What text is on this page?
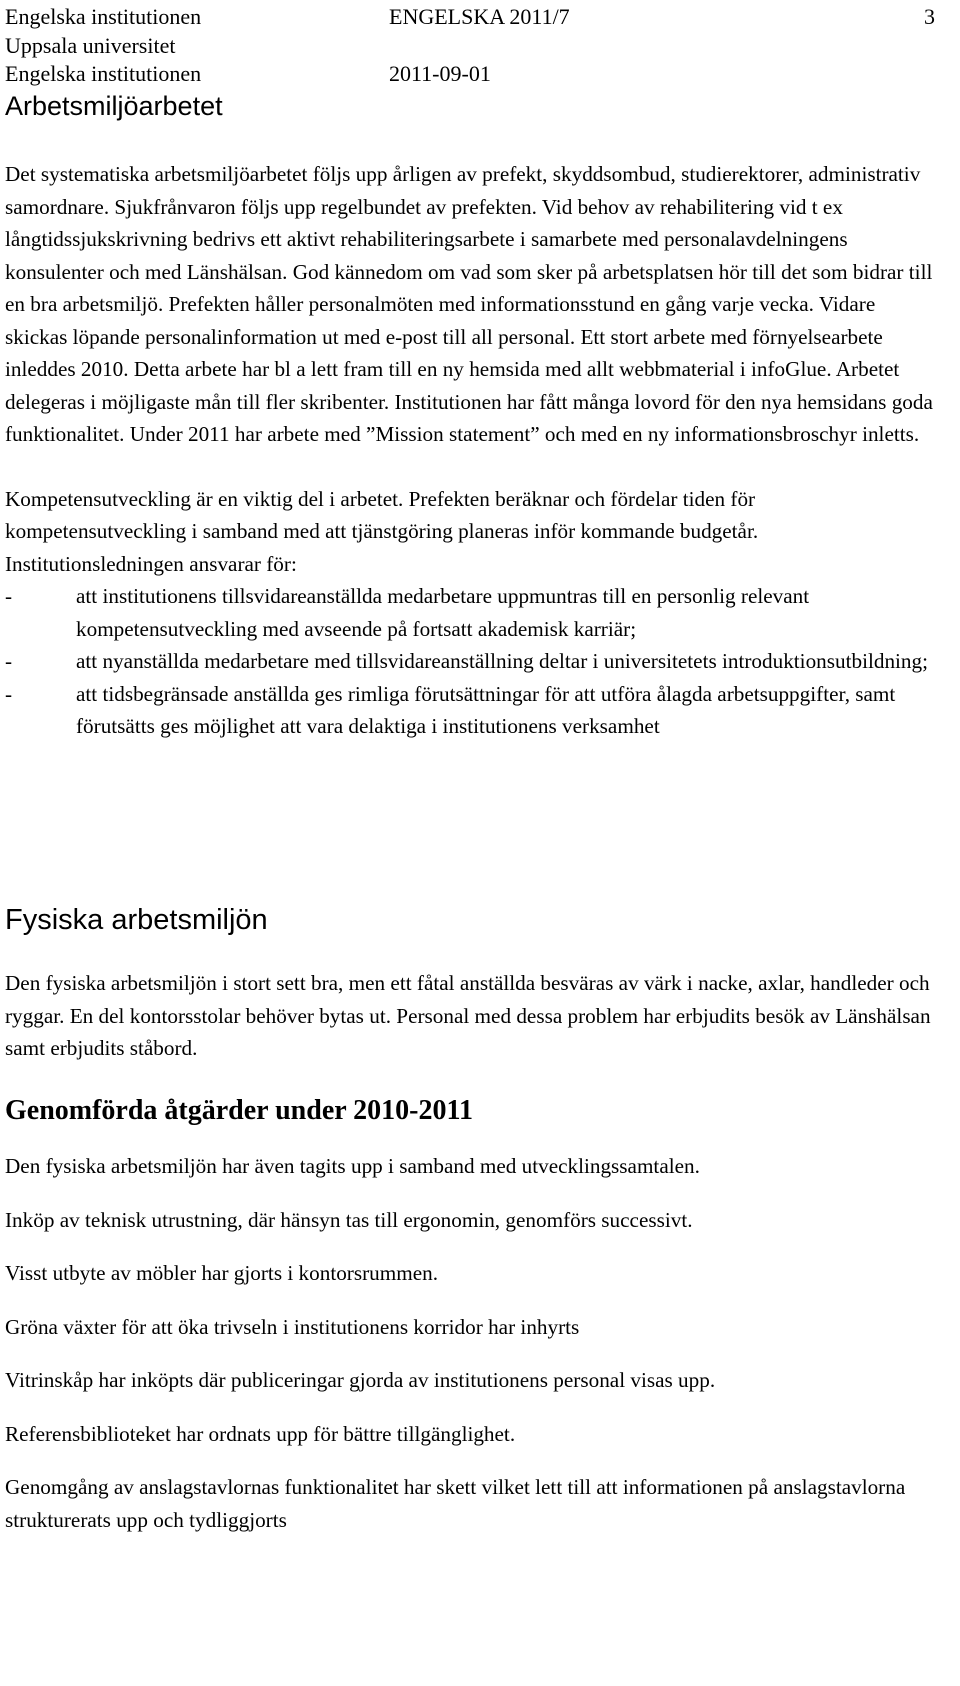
Engelska institutionen	ENGELSKA 2011/7	3
Uppsala universitet
Engelska institutionen	2011-09-01
Arbetsmiljöarbetet

Det systematiska arbetsmiljöarbetet följs upp årligen av prefekt, skyddsombud, studierektorer, administrativ samordnare. Sjukfrånvaron följs upp regelbundet av prefekten. Vid behov av rehabilitering vid t ex långtidssjukskrivning bedrivs ett aktivt rehabiliteringsarbete i samarbete med personalavdelningens konsulenter och med Länshälsan. God kännedom om vad som sker på arbetsplatsen hör till det som bidrar till en bra arbetsmiljö. Prefekten håller personalmöten med informationsstund en gång varje vecka. Vidare skickas löpande personalinformation ut med e-post till all personal. Ett stort arbete med förnyelsearbete inleddes 2010. Detta arbete har bl a lett fram till en ny hemsida med allt webbmaterial i infoGlue. Arbetet delegeras i möjligaste mån till fler skribenter. Institutionen har fått många lovord för den nya hemsidans goda funktionalitet. Under 2011 har arbete med ”Mission statement” och med en ny informationsbroschyr inletts.

Kompetensutveckling är en viktig del i arbetet. Prefekten beräknar och fördelar tiden för kompetensutveckling i samband med att tjänstgöring planeras inför kommande budgetår.

Institutionsledningen ansvarar för:

-	att institutionens tillsvidareanställda medarbetare uppmuntras till en personlig relevant kompetensutveckling med avseende på fortsatt akademisk karriär;
-	att nyanställda medarbetare med tillsvidareanställning deltar i universitetets introduktionsutbildning;
-	att tidsbegränsade anställda ges rimliga förutsättningar för att utföra ålagda arbetsuppgifter, samt förutsätts ges möjlighet att vara delaktiga i institutionens verksamhet
Fysiska arbetsmiljön

Den fysiska arbetsmiljön i stort sett bra, men ett fåtal anställda besväras av värk i nacke, axlar, handleder och ryggar. En del kontorsstolar behöver bytas ut. Personal med dessa problem har erbjudits besök av Länshälsan samt erbjudits ståbord.

Genomförda åtgärder under 2010-2011

Den fysiska arbetsmiljön har även tagits upp i samband med utvecklingssamtalen.

Inköp av teknisk utrustning, där hänsyn tas till ergonomin, genomförs successivt.

Visst utbyte av möbler har gjorts i kontorsrummen.

Gröna växter för att öka trivseln i institutionens korridor har inhyrts

Vitrinskåp har inköpts där publiceringar gjorda av institutionens personal visas upp.

Referensbiblioteket har ordnats upp för bättre tillgänglighet.

Genomgång av anslagstavlornas funktionalitet har skett vilket lett till att informationen på anslagstavlorna strukturerats upp och tydliggjorts
